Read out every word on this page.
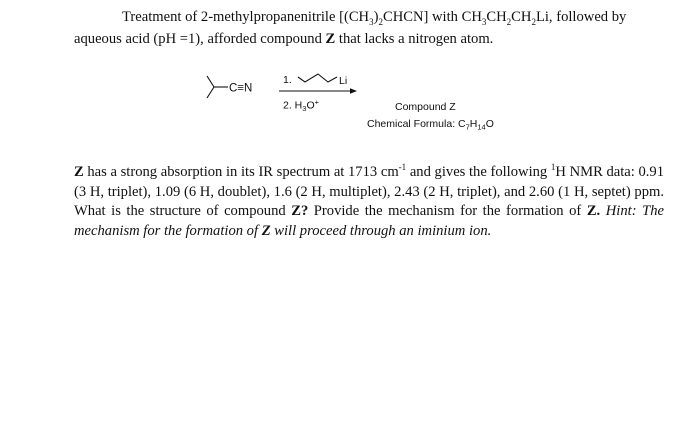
Treatment of 2-methylpropanenitrile $[(CH_3)_2CHCN]$ with $CH_3CH_2CH_2Li$, followed by
aqueous acid (pH =1), afforded compound Z that lacks a nitrogen atom.
C≡N
1.	Li
2. $H_3O^+$	Compound Z
Chemical Formula: $C_7H_{14}O$
Z has a strong absorption in its IR spectrum at 1713 $cm^{-1}$ and gives the following $^1$H NMR data: 0.91 (3 H, triplet), 1.09 (6 H, doublet), 1.6 (2 H, multiplet), 2.43 (2 H, triplet), and 2.60 (1 H, septet) ppm. What is the structure of compound Z? Provide the mechanism for the formation of Z. Hint: The mechanism for the formation of Z will proceed through an iminium ion.
